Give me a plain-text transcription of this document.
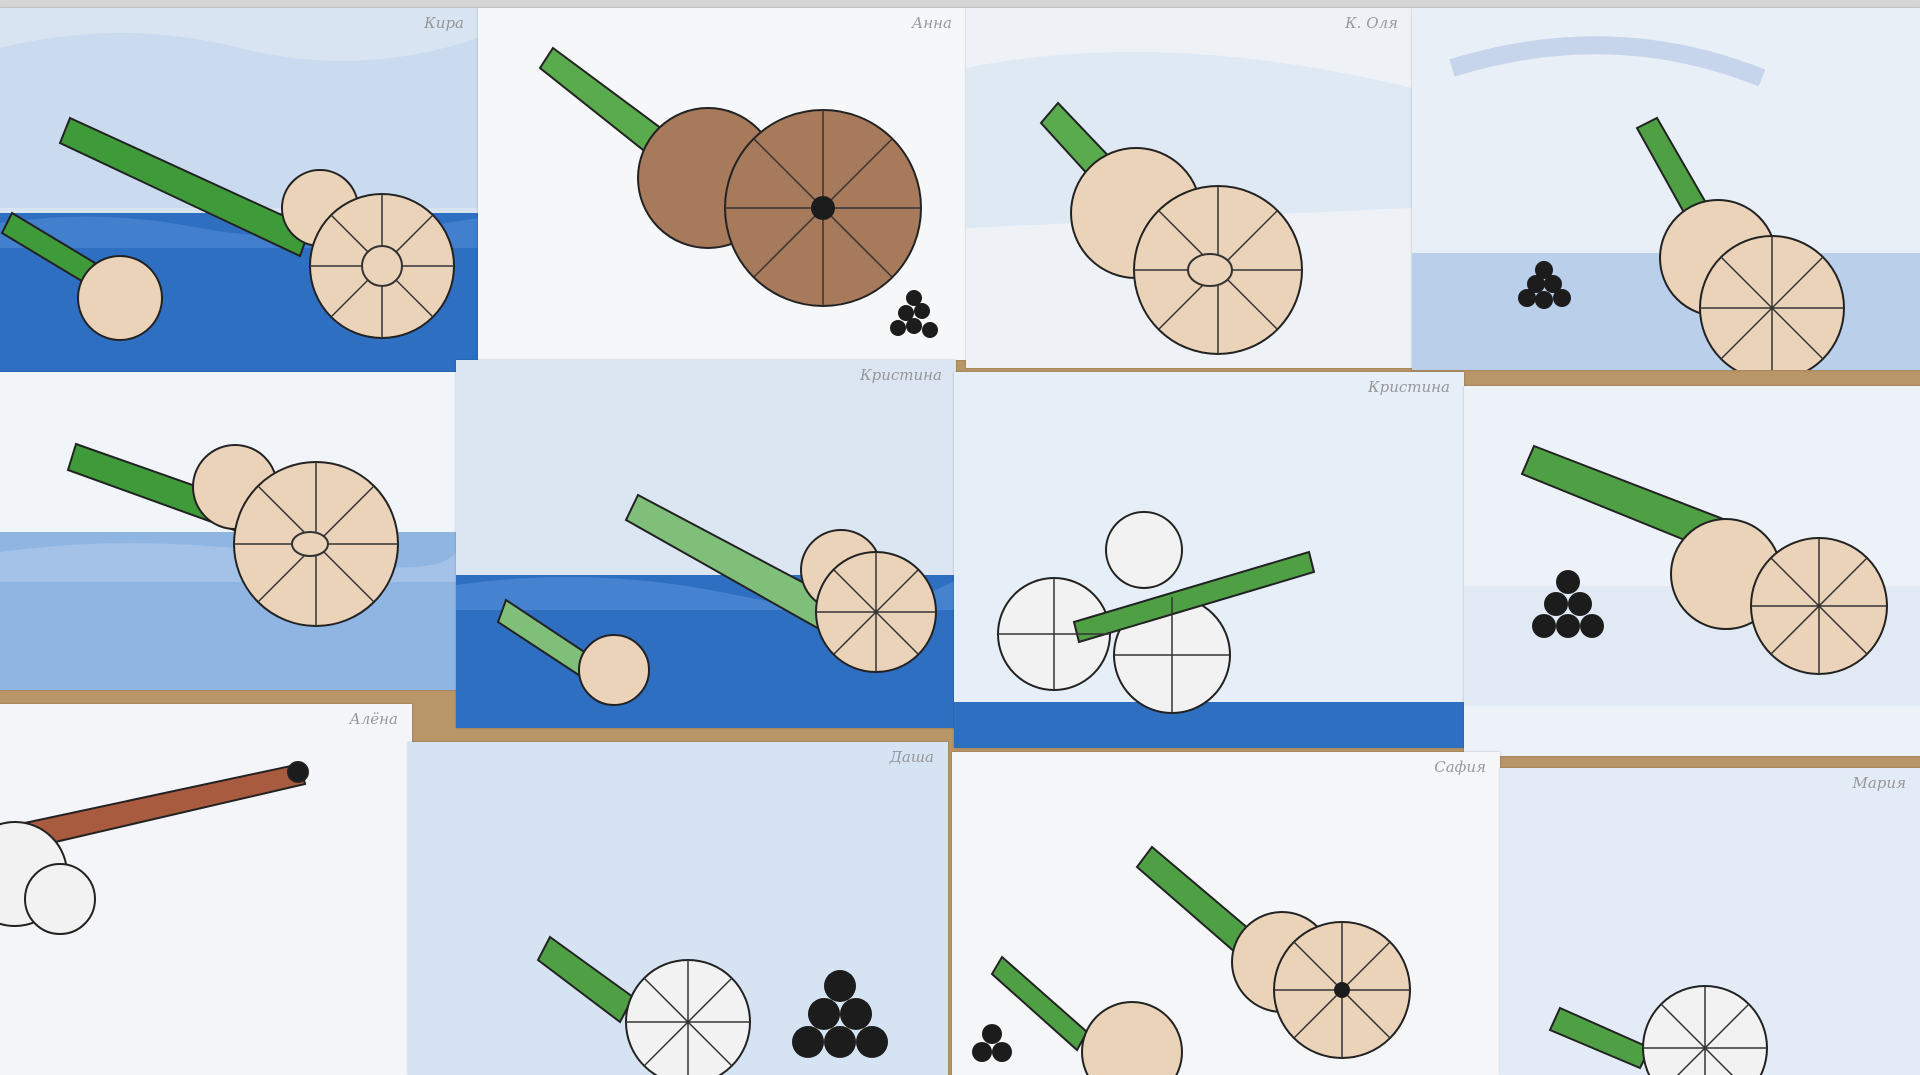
Кира	Анна	К. Оля
Кристина
Кристина
Алёна
Даша
Сафия
Мария
